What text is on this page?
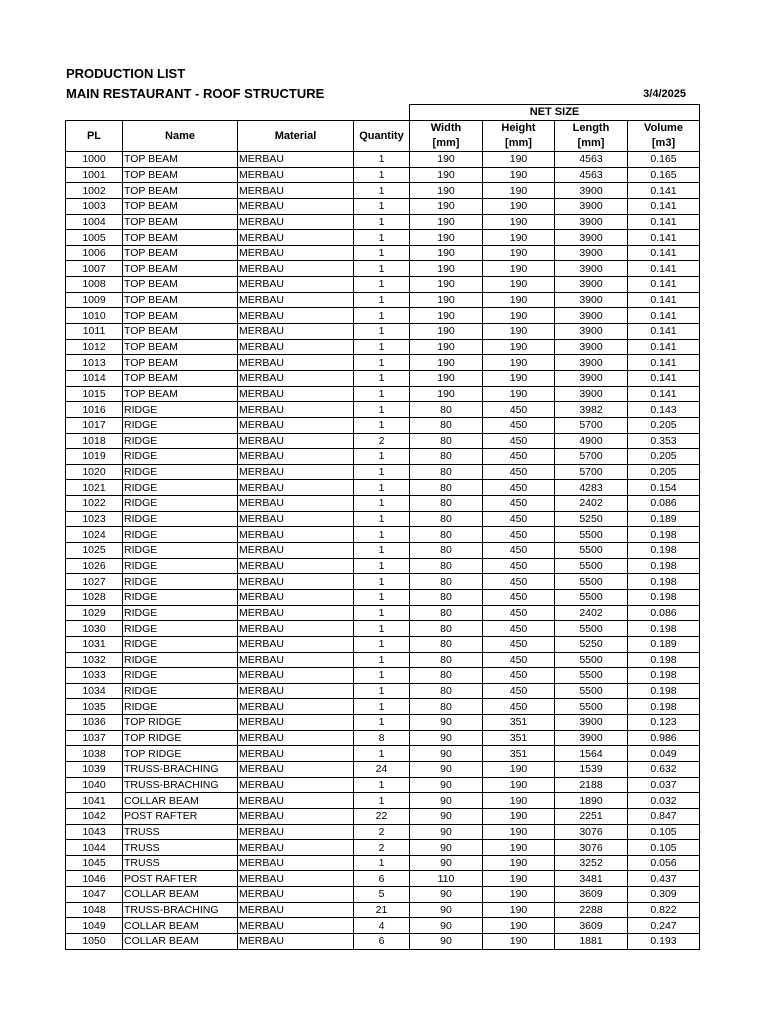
PRODUCTION LIST
MAIN RESTAURANT - ROOF STRUCTURE	3/4/2025
				NET SIZE			
PL	Name	Material	Quantity	Width	Height	Length	Volume
				[mm]	[mm]	[mm]	[m3]
1000	TOP BEAM	MERBAU	1	190	190	4563	0.165
1001	TOP BEAM	MERBAU	1	190	190	4563	0.165
1002	TOP BEAM	MERBAU	1	190	190	3900	0.141
1003	TOP BEAM	MERBAU	1	190	190	3900	0.141
1004	TOP BEAM	MERBAU	1	190	190	3900	0.141
1005	TOP BEAM	MERBAU	1	190	190	3900	0.141
1006	TOP BEAM	MERBAU	1	190	190	3900	0.141
1007	TOP BEAM	MERBAU	1	190	190	3900	0.141
1008	TOP BEAM	MERBAU	1	190	190	3900	0.141
1009	TOP BEAM	MERBAU	1	190	190	3900	0.141
1010	TOP BEAM	MERBAU	1	190	190	3900	0.141
1011	TOP BEAM	MERBAU	1	190	190	3900	0.141
1012	TOP BEAM	MERBAU	1	190	190	3900	0.141
1013	TOP BEAM	MERBAU	1	190	190	3900	0.141
1014	TOP BEAM	MERBAU	1	190	190	3900	0.141
1015	TOP BEAM	MERBAU	1	190	190	3900	0.141
1016	RIDGE	MERBAU	1	80	450	3982	0.143
1017	RIDGE	MERBAU	1	80	450	5700	0.205
1018	RIDGE	MERBAU	2	80	450	4900	0.353
1019	RIDGE	MERBAU	1	80	450	5700	0.205
1020	RIDGE	MERBAU	1	80	450	5700	0.205
1021	RIDGE	MERBAU	1	80	450	4283	0.154
1022	RIDGE	MERBAU	1	80	450	2402	0.086
1023	RIDGE	MERBAU	1	80	450	5250	0.189
1024	RIDGE	MERBAU	1	80	450	5500	0.198
1025	RIDGE	MERBAU	1	80	450	5500	0.198
1026	RIDGE	MERBAU	1	80	450	5500	0.198
1027	RIDGE	MERBAU	1	80	450	5500	0.198
1028	RIDGE	MERBAU	1	80	450	5500	0.198
1029	RIDGE	MERBAU	1	80	450	2402	0.086
1030	RIDGE	MERBAU	1	80	450	5500	0.198
1031	RIDGE	MERBAU	1	80	450	5250	0.189
1032	RIDGE	MERBAU	1	80	450	5500	0.198
1033	RIDGE	MERBAU	1	80	450	5500	0.198
1034	RIDGE	MERBAU	1	80	450	5500	0.198
1035	RIDGE	MERBAU	1	80	450	5500	0.198
1036	TOP RIDGE	MERBAU	1	90	351	3900	0.123
1037	TOP RIDGE	MERBAU	8	90	351	3900	0.986
1038	TOP RIDGE	MERBAU	1	90	351	1564	0.049
1039	TRUSS-BRACHING	MERBAU	24	90	190	1539	0.632
1040	TRUSS-BRACHING	MERBAU	1	90	190	2188	0.037
1041	COLLAR BEAM	MERBAU	1	90	190	1890	0.032
1042	POST RAFTER	MERBAU	22	90	190	2251	0.847
1043	TRUSS	MERBAU	2	90	190	3076	0.105
1044	TRUSS	MERBAU	2	90	190	3076	0.105
1045	TRUSS	MERBAU	1	90	190	3252	0.056
1046	POST RAFTER	MERBAU	6	110	190	3481	0.437
1047	COLLAR BEAM	MERBAU	5	90	190	3609	0.309
1048	TRUSS-BRACHING	MERBAU	21	90	190	2288	0.822
1049	COLLAR BEAM	MERBAU	4	90	190	3609	0.247
1050	COLLAR BEAM	MERBAU	6	90	190	1881	0.193
